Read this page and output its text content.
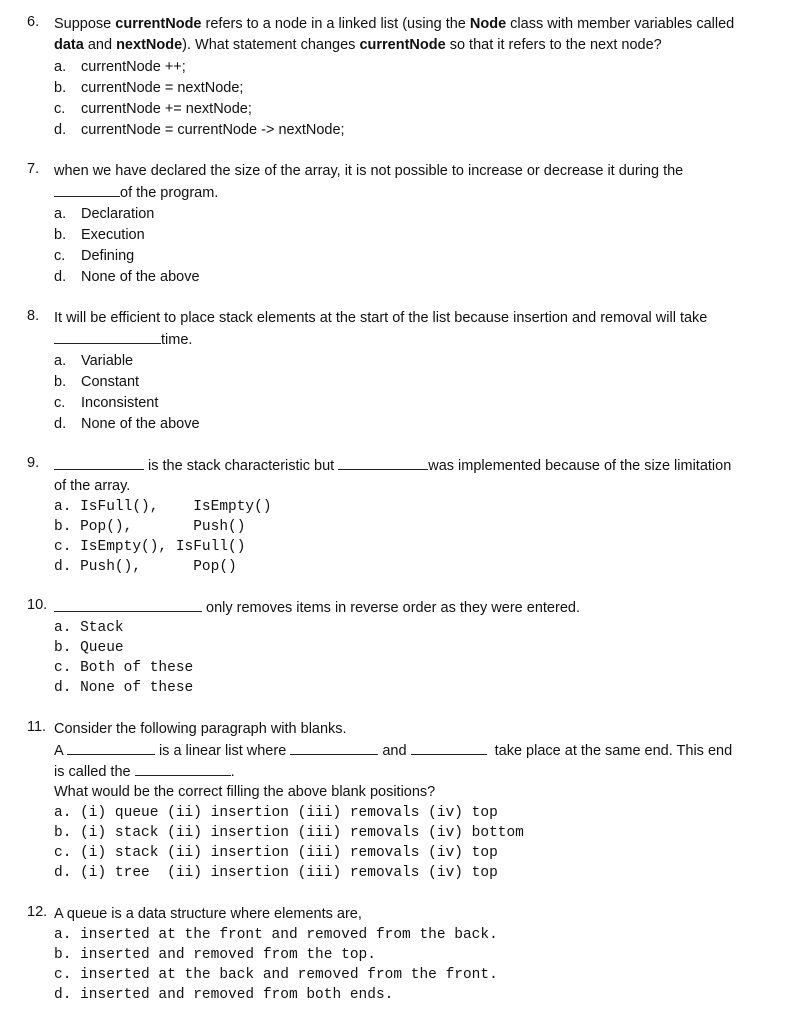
6. Suppose currentNode refers to a node in a linked list (using the Node class with member variables called
data and nextNode). What statement changes currentNode so that it refers to the next node?
a. currentNode ++;
b. currentNode = nextNode;
c. currentNode += nextNode;
d. currentNode = currentNode -> nextNode;
7. when we have declared the size of the array, it is not possible to increase or decrease it during the
of the program.
a. Declaration
b. Execution
c. Defining
d. None of the above
8. It will be efficient to place stack elements at the start of the list because insertion and removal will take
time.
a. Variable
b. Constant
c. Inconsistent
d. None of the above
9.	is the stack characteristic but	was implemented because of the size limitation
of the array.
a. IsFull(),    IsEmpty()
b. Pop(),       Push()
c. IsEmpty(), IsFull()
d. Push(),      Pop()
10.	only removes items in reverse order as they were entered.
a. Stack
b. Queue
c. Both of these
d. None of these
11. Consider the following paragraph with blanks.
A	is a linear list where	and	take place at the same end. This end
is called the	.
What would be the correct filling the above blank positions?
a. (i) queue (ii) insertion (iii) removals (iv) top
b. (i) stack (ii) insertion (iii) removals (iv) bottom
c. (i) stack (ii) insertion (iii) removals (iv) top
d. (i) tree  (ii) insertion (iii) removals (iv) top
12. A queue is a data structure where elements are,
a. inserted at the front and removed from the back.
b. inserted and removed from the top.
c. inserted at the back and removed from the front.
d. inserted and removed from both ends.
